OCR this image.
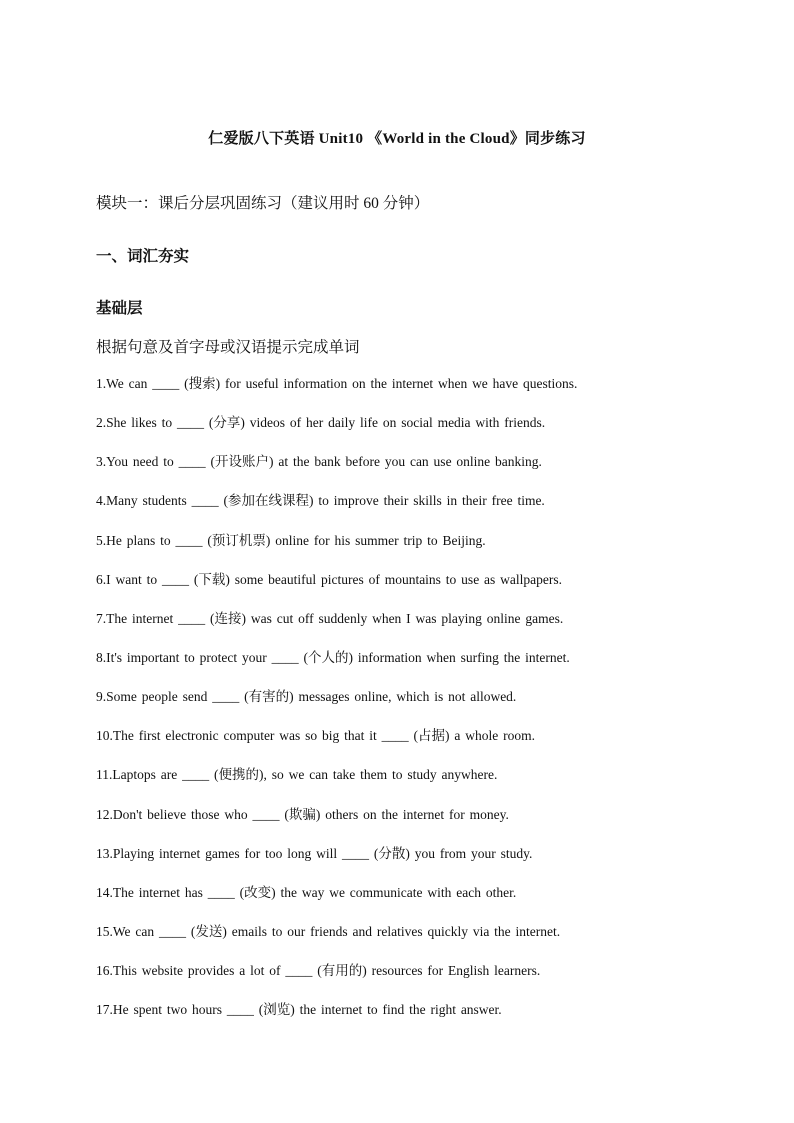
仁爱版八下英语 Unit10 《World in the Cloud》同步练习
模块一：课后分层巩固练习（建议用时 60 分钟）
一、词汇夯实
基础层
根据句意及首字母或汉语提示完成单词
1.We can ____ (搜索) for useful information on the internet when we have questions.
2.She likes to ____ (分享) videos of her daily life on social media with friends.
3.You need to ____ (开设账户) at the bank before you can use online banking.
4.Many students ____ (参加在线课程) to improve their skills in their free time.
5.He plans to ____ (预订机票) online for his summer trip to Beijing.
6.I want to ____ (下载) some beautiful pictures of mountains to use as wallpapers.
7.The internet ____ (连接) was cut off suddenly when I was playing online games.
8.It's important to protect your ____ (个人的) information when surfing the internet.
9.Some people send ____ (有害的) messages online, which is not allowed.
10.The first electronic computer was so big that it ____ (占据) a whole room.
11.Laptops are ____ (便携的), so we can take them to study anywhere.
12.Don't believe those who ____ (欺骗) others on the internet for money.
13.Playing internet games for too long will ____ (分散) you from your study.
14.The internet has ____ (改变) the way we communicate with each other.
15.We can ____ (发送) emails to our friends and relatives quickly via the internet.
16.This website provides a lot of ____ (有用的) resources for English learners.
17.He spent two hours ____ (浏览) the internet to find the right answer.
